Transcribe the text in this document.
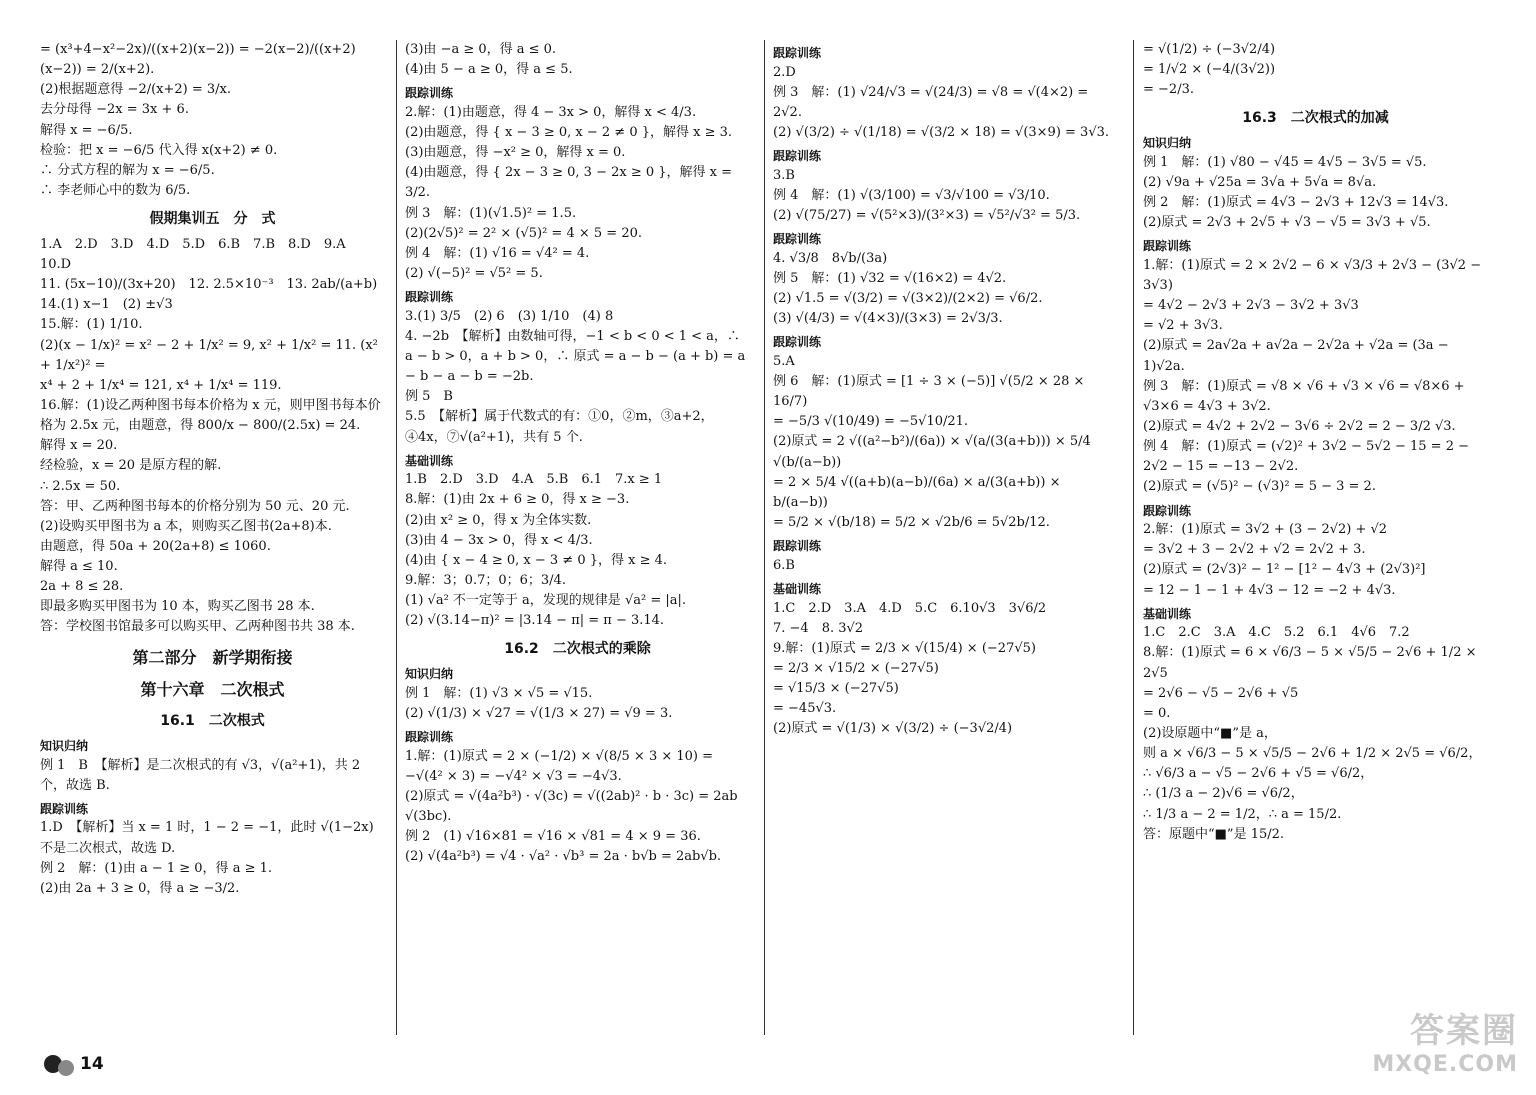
= (x³+4−x²−2x)/((x+2)(x−2)) = −2(x−2)/((x+2)(x−2)) = 2/(x+2).
(2)根据题意得 −2/(x+2) = 3/x.
去分母得 −2x = 3x + 6.
解得 x = −6/5.
检验：把 x = −6/5 代入得 x(x+2) ≠ 0.
∴ 分式方程的解为 x = −6/5.
∴ 李老师心中的数为 6/5.
假期集训五　分　式
1.A　2.D　3.D　4.D　5.D　6.B　7.B　8.D　9.A　10.D
11. (5x−10)/(3x+20)　12. 2.5×10⁻³　13. 2ab/(a+b)
14.(1) x−1　(2) ±√3
15.解：(1) 1/10.
(2)(x − 1/x)² = x² − 2 + 1/x² = 9, x² + 1/x² = 11. (x² + 1/x²)² =
x⁴ + 2 + 1/x⁴ = 121, x⁴ + 1/x⁴ = 119.
16.解：(1)设乙两种图书每本价格为 x 元，则甲图书每本价格为 2.5x 元，由题意，得 800/x − 800/(2.5x) = 24.
解得 x = 20.
经检验，x = 20 是原方程的解.
∴ 2.5x = 50.
答：甲、乙两种图书每本的价格分别为 50 元、20 元.
(2)设购买甲图书为 a 本，则购买乙图书(2a+8)本.
由题意，得 50a + 20(2a+8) ≤ 1060.
解得 a ≤ 10.
2a + 8 ≤ 28.
即最多购买甲图书为 10 本，购买乙图书 28 本.
答：学校图书馆最多可以购买甲、乙两种图书共 38 本.
第二部分　新学期衔接
第十六章　二次根式
16.1　二次根式
知识归纳
例 1　B　【解析】是二次根式的有 √3，√(a²+1)，共 2 个，故选 B.
跟踪训练
1.D　【解析】当 x = 1 时，1 − 2 = −1，此时 √(1−2x) 不是二次根式，故选 D.
例 2　解：(1)由 a − 1 ≥ 0，得 a ≥ 1.
(2)由 2a + 3 ≥ 0，得 a ≥ −3/2.
(3)由 −a ≥ 0，得 a ≤ 0.
(4)由 5 − a ≥ 0，得 a ≤ 5.
跟踪训练
2.解：(1)由题意，得 4 − 3x > 0，解得 x < 4/3.
(2)由题意，得 { x − 3 ≥ 0, x − 2 ≠ 0 }，解得 x ≥ 3.
(3)由题意，得 −x² ≥ 0，解得 x = 0.
(4)由题意，得 { 2x − 3 ≥ 0, 3 − 2x ≥ 0 }，解得 x = 3/2.
例 3　解：(1)(√1.5)² = 1.5.
(2)(2√5)² = 2² × (√5)² = 4 × 5 = 20.
例 4　解：(1) √16 = √4² = 4.
(2) √(−5)² = √5² = 5.
跟踪训练
3.(1) 3/5　(2) 6　(3) 1/10　(4) 8
4. −2b　【解析】由数轴可得，−1 < b < 0 < 1 < a，∴ a − b > 0，a + b > 0，∴ 原式 = a − b − (a + b) = a − b − a − b = −2b.
例 5　B
5.5　【解析】属于代数式的有：①0，②m，③a+2，④4x，⑦√(a²+1)，共有 5 个.
基础训练
1.B　2.D　3.D　4.A　5.B　6.1　7.x ≥ 1
8.解：(1)由 2x + 6 ≥ 0，得 x ≥ −3.
(2)由 x² ≥ 0，得 x 为全体实数.
(3)由 4 − 3x > 0，得 x < 4/3.
(4)由 { x − 4 ≥ 0, x − 3 ≠ 0 }，得 x ≥ 4.
9.解：3；0.7；0；6；3/4.
(1) √a² 不一定等于 a，发现的规律是 √a² = |a|.
(2) √(3.14−π)² = |3.14 − π| = π − 3.14.
16.2　二次根式的乘除
知识归纳
例 1　解：(1) √3 × √5 = √15.
(2) √(1/3) × √27 = √(1/3 × 27) = √9 = 3.
跟踪训练
1.解：(1)原式 = 2 × (−1/2) × √(8/5 × 3 × 10) = −√(4² × 3) = −√4² × √3 = −4√3.
(2)原式 = √(4a²b³) · √(3c) = √((2ab)² · b · 3c) = 2ab √(3bc).
例 2　(1) √16×81 = √16 × √81 = 4 × 9 = 36.
(2) √(4a²b³) = √4 · √a² · √b³ = 2a · b√b = 2ab√b.
跟踪训练
2.D
例 3　解：(1) √24/√3 = √(24/3) = √8 = √(4×2) = 2√2.
(2) √(3/2) ÷ √(1/18) = √(3/2 × 18) = √(3×9) = 3√3.
跟踪训练
3.B
例 4　解：(1) √(3/100) = √3/√100 = √3/10.
(2) √(75/27) = √(5²×3)/(3²×3) = √5²/√3² = 5/3.
跟踪训练
4. √3/8　8√b/(3a)
例 5　解：(1) √32 = √(16×2) = 4√2.
(2) √1.5 = √(3/2) = √(3×2)/(2×2) = √6/2.
(3) √(4/3) = √(4×3)/(3×3) = 2√3/3.
跟踪训练
5.A
例 6　解：(1)原式 = [1 ÷ 3 × (−5)] √(5/2 × 28 × 16/7)
= −5/3 √(10/49) = −5√10/21.
(2)原式 = 2 √((a²−b²)/(6a)) × √(a/(3(a+b))) × 5/4 √(b/(a−b))
= 2 × 5/4 √((a+b)(a−b)/(6a) × a/(3(a+b)) × b/(a−b))
= 5/2 × √(b/18) = 5/2 × √2b/6 = 5√2b/12.
跟踪训练
6.B
基础训练
1.C　2.D　3.A　4.D　5.C　6.10√3　3√6/2
7. −4　8. 3√2
9.解：(1)原式 = 2/3 × √(15/4) × (−27√5)
= 2/3 × √15/2 × (−27√5)
= √15/3 × (−27√5)
= −45√3.
(2)原式 = √(1/3) × √(3/2) ÷ (−3√2/4)
= √(1/2) ÷ (−3√2/4)
= 1/√2 × (−4/(3√2))
= −2/3.
16.3　二次根式的加减
知识归纳
例 1　解：(1) √80 − √45 = 4√5 − 3√5 = √5.
(2) √9a + √25a = 3√a + 5√a = 8√a.
例 2　解：(1)原式 = 4√3 − 2√3 + 12√3 = 14√3.
(2)原式 = 2√3 + 2√5 + √3 − √5 = 3√3 + √5.
跟踪训练
1.解：(1)原式 = 2 × 2√2 − 6 × √3/3 + 2√3 − (3√2 − 3√3)
= 4√2 − 2√3 + 2√3 − 3√2 + 3√3
= √2 + 3√3.
(2)原式 = 2a√2a + a√2a − 2√2a + √2a = (3a − 1)√2a.
例 3　解：(1)原式 = √8 × √6 + √3 × √6 = √8×6 + √3×6 = 4√3 + 3√2.
(2)原式 = 4√2 + 2√2 − 3√6 ÷ 2√2 = 2 − 3/2 √3.
例 4　解：(1)原式 = (√2)² + 3√2 − 5√2 − 15 = 2 − 2√2 − 15 = −13 − 2√2.
(2)原式 = (√5)² − (√3)² = 5 − 3 = 2.
跟踪训练
2.解：(1)原式 = 3√2 + (3 − 2√2) + √2
= 3√2 + 3 − 2√2 + √2 = 2√2 + 3.
(2)原式 = (2√3)² − 1² − [1² − 4√3 + (2√3)²]
= 12 − 1 − 1 + 4√3 − 12 = −2 + 4√3.
基础训练
1.C　2.C　3.A　4.C　5.2　6.1　4√6　7.2
8.解：(1)原式 = 6 × √6/3 − 5 × √5/5 − 2√6 + 1/2 × 2√5
= 2√6 − √5 − 2√6 + √5
= 0.
(2)设原题中“■”是 a，
则 a × √6/3 − 5 × √5/5 − 2√6 + 1/2 × 2√5 = √6/2，
∴ √6/3 a − √5 − 2√6 + √5 = √6/2，
∴ (1/3 a − 2)√6 = √6/2，
∴ 1/3 a − 2 = 1/2，∴ a = 15/2.
答：原题中“■”是 15/2.
14
答案圈
MXQE.COM
